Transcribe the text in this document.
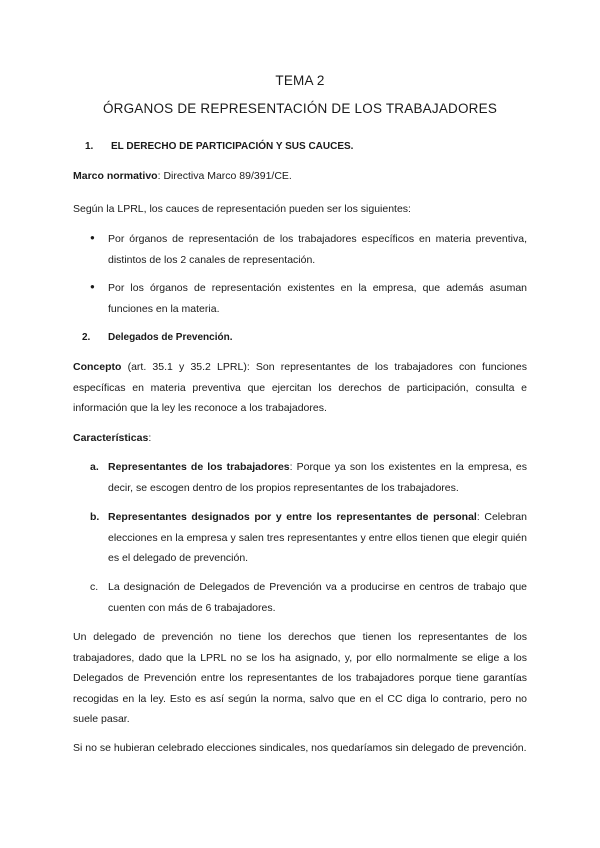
TEMA 2
ÓRGANOS DE REPRESENTACIÓN DE LOS TRABAJADORES
1. EL DERECHO DE PARTICIPACIÓN Y SUS CAUCES.
Marco normativo: Directiva Marco 89/391/CE.
Según la LPRL, los cauces de representación pueden ser los siguientes:
● Por órganos de representación de los trabajadores específicos en materia preventiva, distintos de los 2 canales de representación.
● Por los órganos de representación existentes en la empresa, que además asuman funciones en la materia.
2. Delegados de Prevención.
Concepto (art. 35.1 y 35.2 LPRL): Son representantes de los trabajadores con funciones específicas en materia preventiva que ejercitan los derechos de participación, consulta e información que la ley les reconoce a los trabajadores.
Características:
a. Representantes de los trabajadores: Porque ya son los existentes en la empresa, es decir, se escogen dentro de los propios representantes de los trabajadores.
b. Representantes designados por y entre los representantes de personal: Celebran elecciones en la empresa y salen tres representantes y entre ellos tienen que elegir quién es el delegado de prevención.
c. La designación de Delegados de Prevención va a producirse en centros de trabajo que cuenten con más de 6 trabajadores.
Un delegado de prevención no tiene los derechos que tienen los representantes de los trabajadores, dado que la LPRL no se los ha asignado, y, por ello normalmente se elige a los Delegados de Prevención entre los representantes de los trabajadores porque tiene garantías recogidas en la ley. Esto es así según la norma, salvo que en el CC diga lo contrario, pero no suele pasar.
Si no se hubieran celebrado elecciones sindicales, nos quedaríamos sin delegado de prevención.
